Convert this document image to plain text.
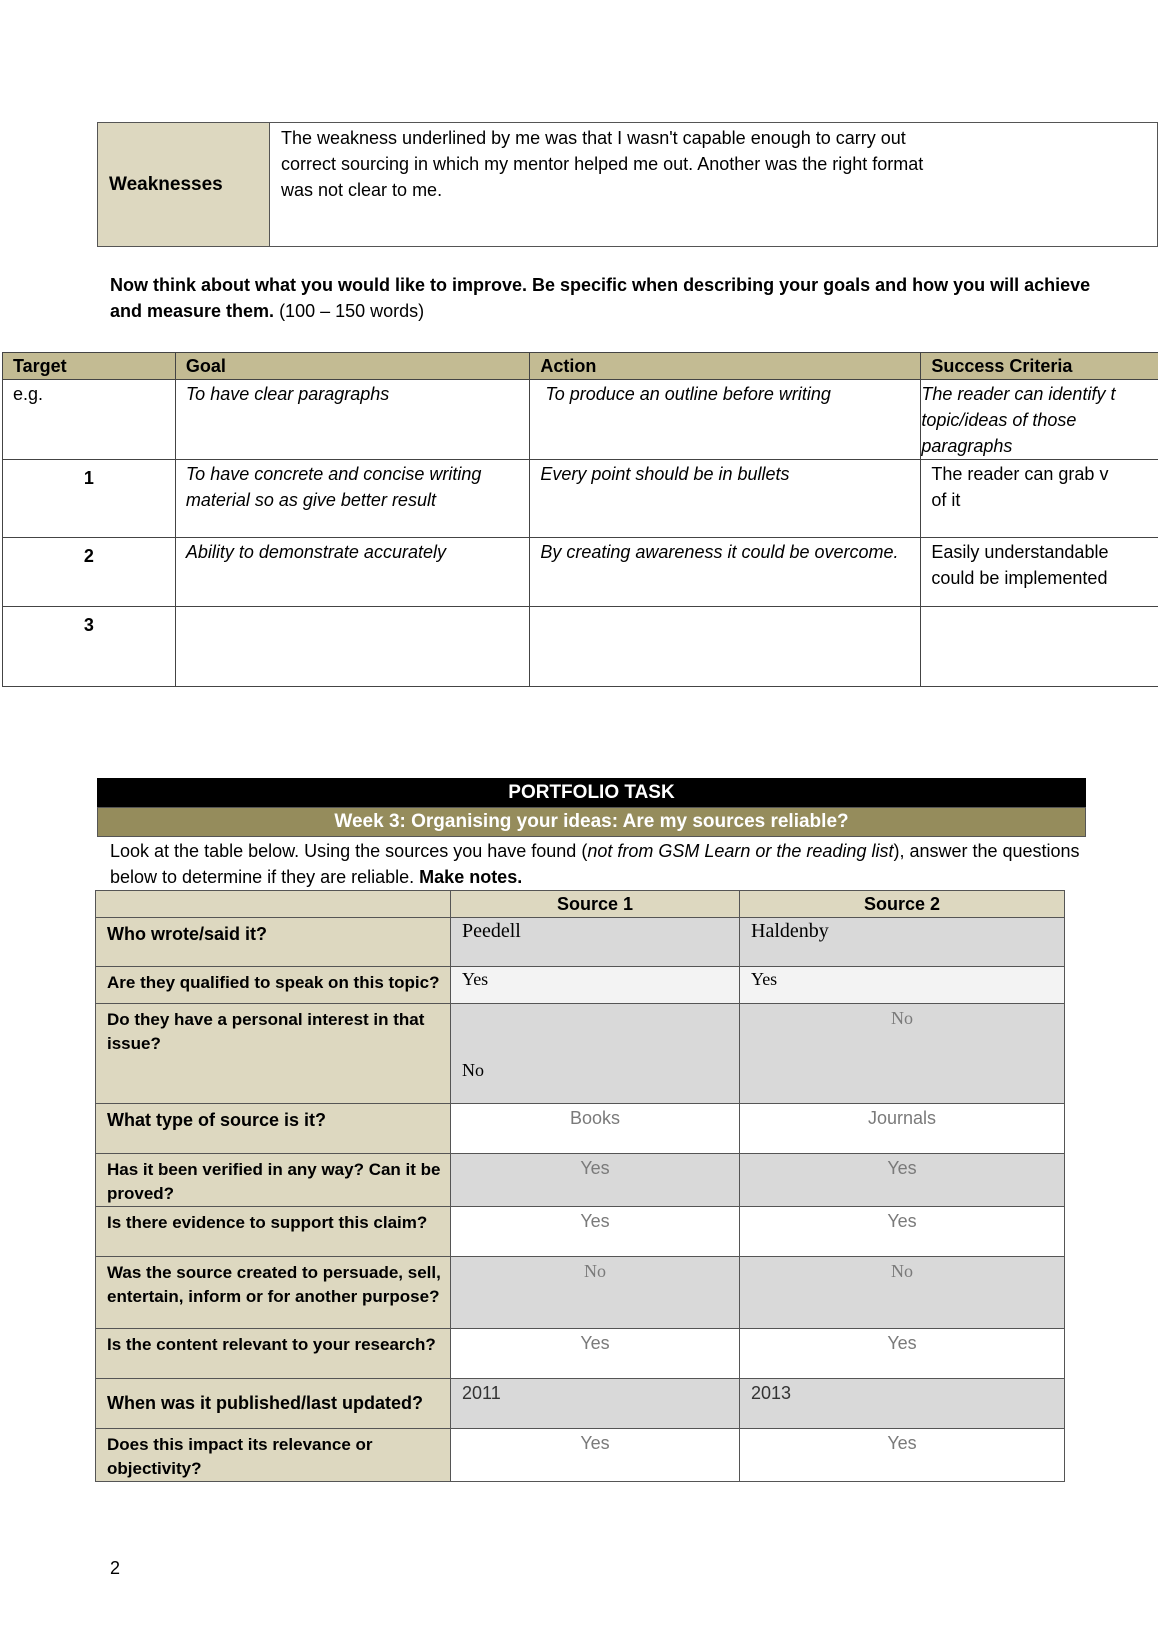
Weaknesses	The weakness underlined by me was that I wasn't capable enough to carry out
correct sourcing in which my mentor helped me out. Another was the right format
was not clear to me.
Now think about what you would like to improve. Be specific when describing your goals and how you will achieve and measure them. (100 – 150 words)
Target	Goal	Action	Success Criteria
e.g.	To have clear paragraphs	To produce an outline before writing	The reader can identify t
topic/ideas of those
paragraphs
1	To have concrete and concise writing material so as give better result	Every point should be in bullets	The reader can grab v
of it
2	Ability to demonstrate accurately	By creating awareness it could be overcome.	Easily understandable
could be implemented
3			
PORTFOLIO TASK
Week 3: Organising your ideas: Are my sources reliable?
Look at the table below. Using the sources you have found (not from GSM Learn or the reading list), answer the questions below to determine if they are reliable. Make notes.
	Source 1	Source 2
Who wrote/said it?	Peedell	Haldenby
Are they qualified to speak on this topic?	Yes	Yes
Do they have a personal interest in that issue?	No	No
What type of source is it?	Books	Journals
Has it been verified in any way? Can it be proved?	Yes	Yes
Is there evidence to support this claim?	Yes	Yes
Was the source created to persuade, sell, entertain, inform or for another purpose?	No	No
Is the content relevant to your research?	Yes	Yes
When was it published/last updated?	2011	2013
Does this impact its relevance or objectivity?	Yes	Yes
2
